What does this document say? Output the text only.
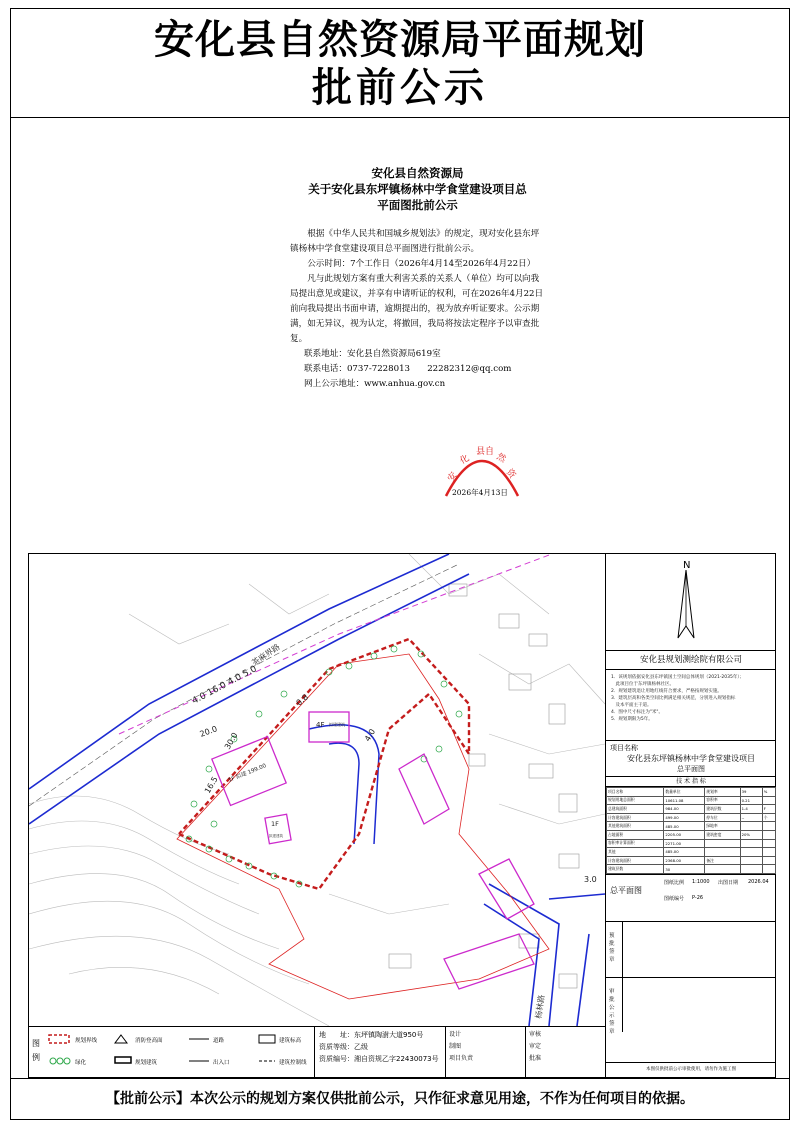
安化县自然资源局平面规划
批前公示
安化县自然资源局
关于安化县东坪镇杨林中学食堂建设项目总
平面图批前公示

根据《中华人民共和国城乡规划法》的规定，现对安化县东坪镇杨林中学食堂建设项目总平面图进行批前公示。

公示时间：7个工作日（2026年4月14至2026年4月22日）

凡与此规划方案有重大利害关系的关系人（单位）均可以向我局提出意见或建议，并享有申请听证的权利，可在2026年4月22日前向我局提出书面申请，逾期提出的，视为放弃听证要求。公示期满，如无异议，视为认定，将撤回，我局将按法定程序予以审查批复。

联系地址：安化县自然资源局619室

联系电话：0737-7228013　　22282312@qq.com

网上公示地址：www.anhua.gov.cn

安
化
县自 然
资
2026年4月13日
茶麻界路
杨林路
4.0 16.0 4.0 5.0
20.0 30.0
16.5
0.8
4.0
3.0
4F 拟建建筑
1F 拟建 199.00
1F
拟建建筑
N
安化县规划测绘院有限公司
1．该规划依据安化县东坪镇国土空间总体规划（2021-2035年）；
　此项目位于东坪镇杨林社区。
2．规划建筑退让用地红线符合要求，严格按规划实施。
3．建筑层高和各类空间比例满足相关规范，分别进入规划指标
　及本平面主干道。
4．图中尺寸标注为"米"。
5．规划期限为5年。
项目名称
安化县东坪镇杨林中学食堂建设项目
总平面图
技 术 指 标
项目名称	数量单位	规划率	39	%
规划用地总面积	10611.08	容积率	0.21	
总建筑面积	984.00	建筑层数	1-4	F
计容建筑面积	499.00	停车位	--	个
其他建筑面积	485.00	绿地率		
占地面积	2205.00	建筑密度	20%	
容积率计算面积	2271.00			
其他	485.00			
计容建筑面积	2368.00	备注		
建筑层数	30			
总平面图
图纸比例 1:1000 出图日期 2026.04
图纸编号 P-26
预批签章
审批公示签章
本图仅供批前公示审批使用，请勿作为施工图
图例
规划界线
绿化
消防登高面
规划建筑
道路
出入口
建筑标高
建筑控制线
地　　址：东坪镇陶澍大道950号
资质等级：乙级
资质编号：湘自资规乙字22430073号
设计
制图
项目负责
审核
审定
批准
【批前公示】本次公示的规划方案仅供批前公示，只作征求意见用途，不作为任何项目的依据。
